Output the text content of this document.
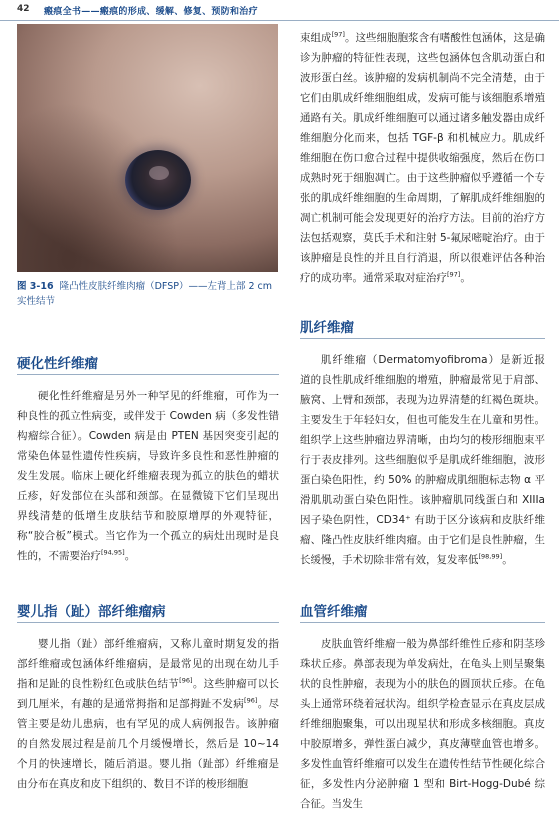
42 瘢痕全书——瘢痕的形成、缓解、修复、预防和治疗
图 3-16 隆凸性皮肤纤维肉瘤（DFSP）——左背上部 2 cm 实性结节
硬化性纤维瘤

硬化性纤维瘤是另外一种罕见的纤维瘤，可作为一种良性的孤立性病变，或伴发于 Cowden 病（多发性错构瘤综合征）。Cowden 病是由 PTEN 基因突变引起的常染色体显性遗传性疾病，导致许多良性和恶性肿瘤的发生发展。临床上硬化纤维瘤表现为孤立的肤色的蜡状丘疹，好发部位在头部和颈部。在显微镜下它们呈现出界线清楚的低增生皮肤结节和胶原增厚的外观特征，称“胶合板”模式。当它作为一个孤立的病灶出现时是良性的，不需要治疗[94,95]。

婴儿指（趾）部纤维瘤病

婴儿指（趾）部纤维瘤病，又称儿童时期复发的指部纤维瘤或包涵体纤维瘤病，是最常见的出现在幼儿手指和足趾的良性粉红色或肤色结节[96]。这些肿瘤可以长到几厘米，有趣的是通常拇指和足部拇趾不发病[96]。尽管主要是幼儿患病，也有罕见的成人病例报告。该肿瘤的自然发展过程是前几个月缓慢增长，然后是 10~14 个月的快速增长，随后消退。婴儿指（趾部）纤维瘤是由分布在真皮和皮下组织的、数目不详的梭形细胞

束组成[97]。这些细胞胞浆含有嗜酸性包涵体，这是确诊为肿瘤的特征性表现，这些包涵体包含肌动蛋白和波形蛋白丝。该肿瘤的发病机制尚不完全清楚，由于它们由肌成纤维细胞组成，发病可能与该细胞系增殖通路有关。肌成纤维细胞可以通过诸多触发器由成纤维细胞分化而来，包括 TGF-β 和机械应力。肌成纤维细胞在伤口愈合过程中提供收缩强度，然后在伤口成熟时死于细胞凋亡。由于这些肿瘤似乎遵循一个专张的肌成纤维细胞的生命周期，了解肌成纤维细胞的凋亡机制可能会发现更好的治疗方法。目前的治疗方法包括观察，莫氏手术和注射 5-氟尿嘧啶治疗。由于该肿瘤是良性的并且自行消退，所以很难评估各种治疗的成功率。通常采取对症治疗[97]。

肌纤维瘤

肌纤维瘤（Dermatomyofibroma）是新近报道的良性肌成纤维细胞的增殖，肿瘤最常见于肩部、腋窝、上臂和颈部，表现为边界清楚的红褐色斑块。主要发生于年轻妇女，但也可能发生在儿童和男性。组织学上这些肿瘤边界清晰，由均匀的梭形细胞束平行于表皮排列。这些细胞似乎是肌成纤维细胞，波形蛋白染色阳性，约 50% 的肿瘤成肌细胞标志物 α 平滑肌肌动蛋白染色阳性。该肿瘤肌同线蛋白和 XIIIa 因子染色阴性，CD34⁺ 有助于区分该病和皮肤纤维瘤、隆凸性皮肤纤维肉瘤。由于它们是良性肿瘤，生长缓慢，手术切除非常有效，复发率低[98,99]。

血管纤维瘤

皮肤血管纤维瘤一般为鼻部纤维性丘疹和阴茎珍珠状丘疹。鼻部表现为单发病灶，在龟头上则呈聚集状的良性肿瘤，表现为小的肤色的圆顶状丘疹。在龟头上通常环绕着冠状沟。组织学检查显示在真皮层成纤维细胞聚集，可以出现星状和形成多核细胞。真皮中胶原增多，弹性蛋白减少，真皮薄壁血管也增多。多发性血管纤维瘤可以发生在遗传性结节性硬化综合征，多发性内分泌肿瘤 1 型和 Birt-Hogg-Dubé 综合征。当发生
